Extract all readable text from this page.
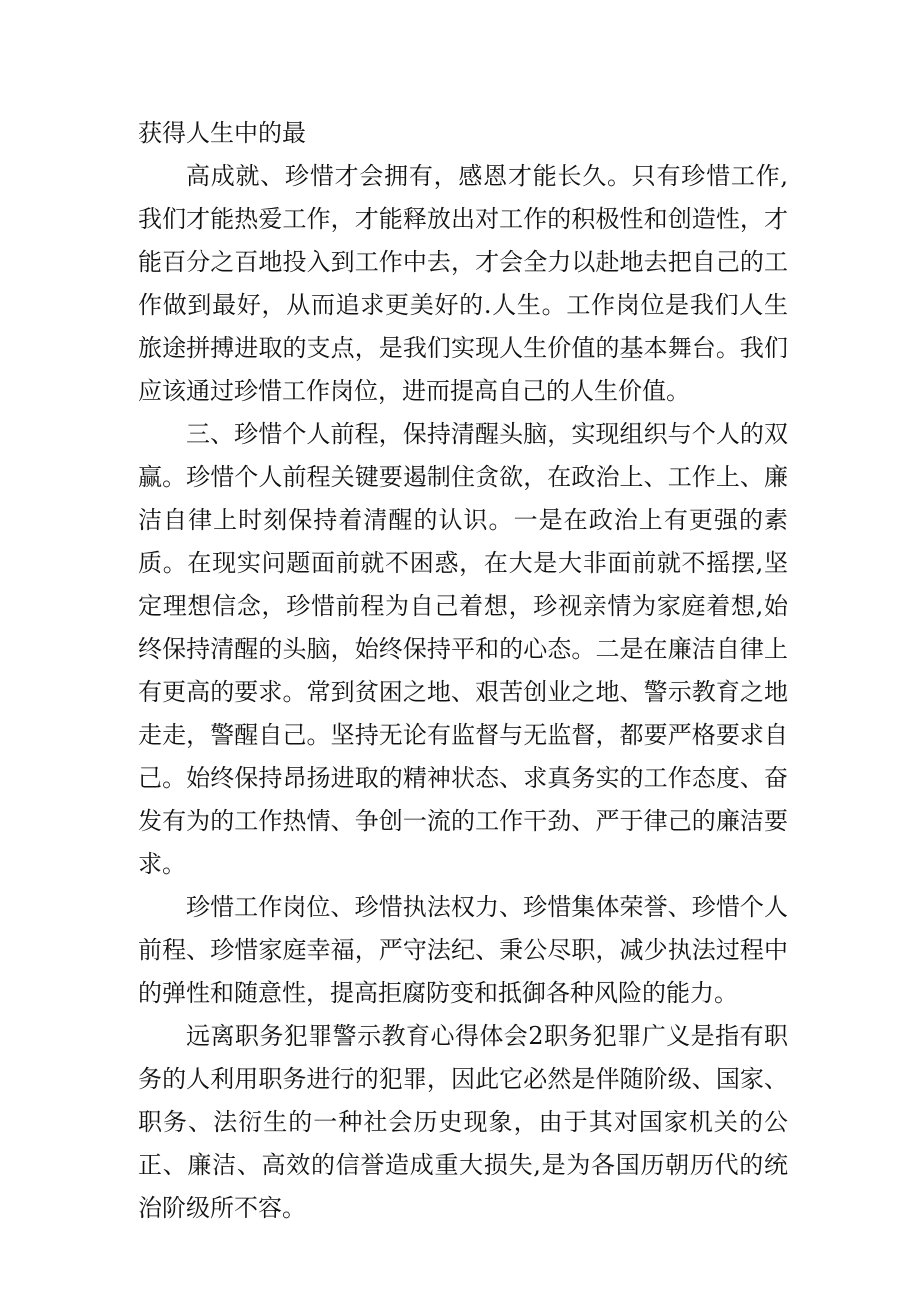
获得人生中的最

高成就、珍惜才会拥有，感恩才能长久。只有珍惜工作,我们才能热爱工作，才能释放出对工作的积极性和创造性，才能百分之百地投入到工作中去，才会全力以赴地去把自己的工作做到最好，从而追求更美好的.人生。工作岗位是我们人生旅途拼搏进取的支点，是我们实现人生价值的基本舞台。我们应该通过珍惜工作岗位，进而提高自己的人生价值。

三、珍惜个人前程，保持清醒头脑，实现组织与个人的双赢。珍惜个人前程关键要遏制住贪欲，在政治上、工作上、廉洁自律上时刻保持着清醒的认识。一是在政治上有更强的素质。在现实问题面前就不困惑，在大是大非面前就不摇摆,坚定理想信念，珍惜前程为自己着想，珍视亲情为家庭着想,始终保持清醒的头脑，始终保持平和的心态。二是在廉洁自律上有更高的要求。常到贫困之地、艰苦创业之地、警示教育之地走走，警醒自己。坚持无论有监督与无监督，都要严格要求自己。始终保持昂扬进取的精神状态、求真务实的工作态度、奋发有为的工作热情、争创一流的工作干劲、严于律己的廉洁要求。

珍惜工作岗位、珍惜执法权力、珍惜集体荣誉、珍惜个人前程、珍惜家庭幸福，严守法纪、秉公尽职，减少执法过程中的弹性和随意性，提高拒腐防变和抵御各种风险的能力。

远离职务犯罪警示教育心得体会2职务犯罪广义是指有职务的人利用职务进行的犯罪，因此它必然是伴随阶级、国家、职务、法衍生的一种社会历史现象，由于其对国家机关的公正、廉洁、高效的信誉造成重大损失,是为各国历朝历代的统治阶级所不容。
